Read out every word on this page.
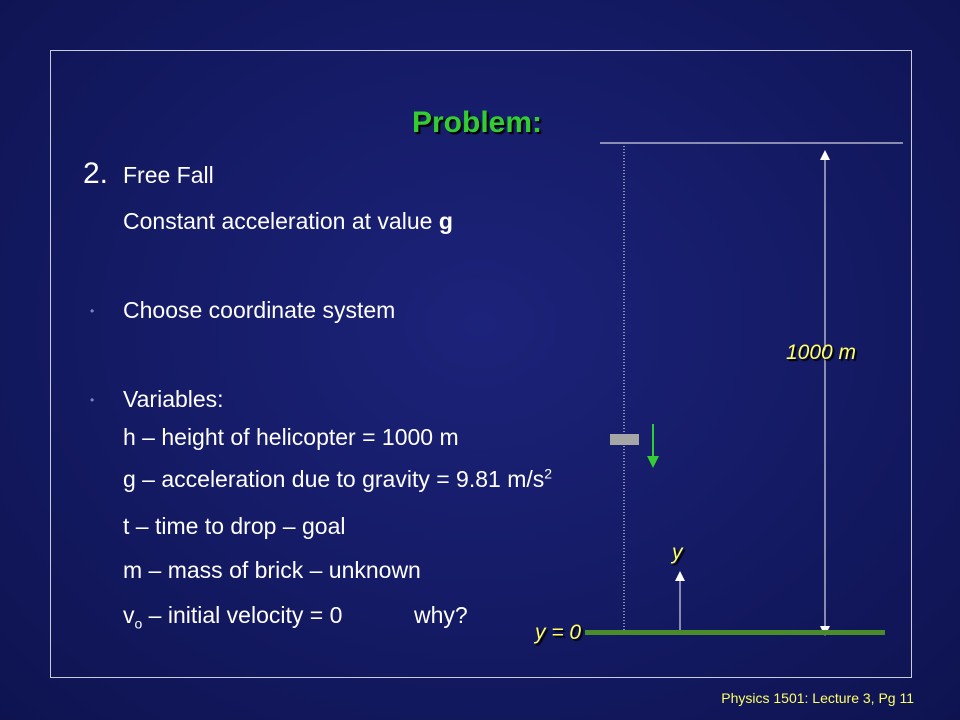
Problem:
2. Free Fall
Constant acceleration at value g
• Choose coordinate system
• Variables:
h – height of helicopter = 1000 m
g – acceleration due to gravity = 9.81 $m/s^2$
t – time to drop – goal
m – mass of brick – unknown
$v_o$ – initial velocity = 0	why?
1000 m
y
y = 0
Physics 1501: Lecture 3, Pg 11
